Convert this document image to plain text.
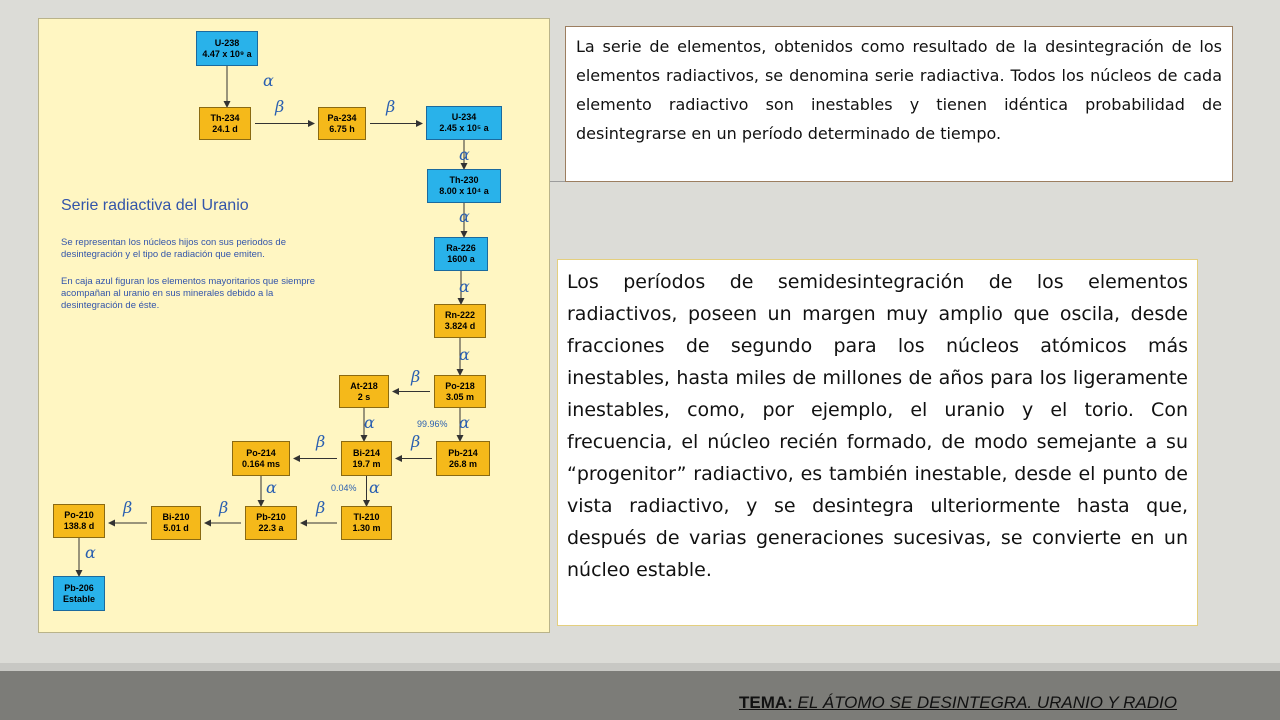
Serie radiactiva del Uranio

Se representan los núcleos hijos con sus periodos de desintegración y el tipo de radiación que emiten.

En caja azul figuran los elementos mayoritarios que siempre acompañan al uranio en sus minerales debido a la desintegración de éste.

U-238
4.47 x 10⁹ a
Th-234
24.1 d
Pa-234
6.75 h
U-234
2.45 x 10⁵ a
Th-230
8.00 x 10⁴ a
Ra-226
1600 a
Rn-222
3.824 d
Po-218
3.05 m
At-218
2 s
Pb-214
26.8 m
Bi-214
19.7 m
Po-214
0.164 ms
Tl-210
1.30 m
Pb-210
22.3 a
Bi-210
5.01 d
Po-210
138.8 d
Pb-206
Estable
α
β	β
α
α
α
α
β
α
99.96%
α
β
β
α
0.04%
α
β
β
β
α

La serie de elementos, obtenidos como resultado de la desintegración de los elementos radiactivos, se denomina serie radiactiva. Todos los núcleos de cada elemento radiactivo son inestables y tienen idéntica probabilidad de desintegrarse en un período determinado de tiempo.

Los períodos de semidesintegración de los elementos radiactivos, poseen un margen muy amplio que oscila, desde fracciones de segundo para los núcleos atómicos más inestables, hasta miles de millones de años para los ligeramente inestables, como, por ejemplo, el uranio y el torio. Con frecuencia, el núcleo recién formado, de modo semejante a su “progenitor” radiactivo, es también inestable, desde el punto de vista radiactivo, y se desintegra ulteriormente hasta que, después de varias generaciones sucesivas, se convierte en un núcleo estable.

TEMA: EL ÁTOMO SE DESINTEGRA. URANIO Y RADIO
